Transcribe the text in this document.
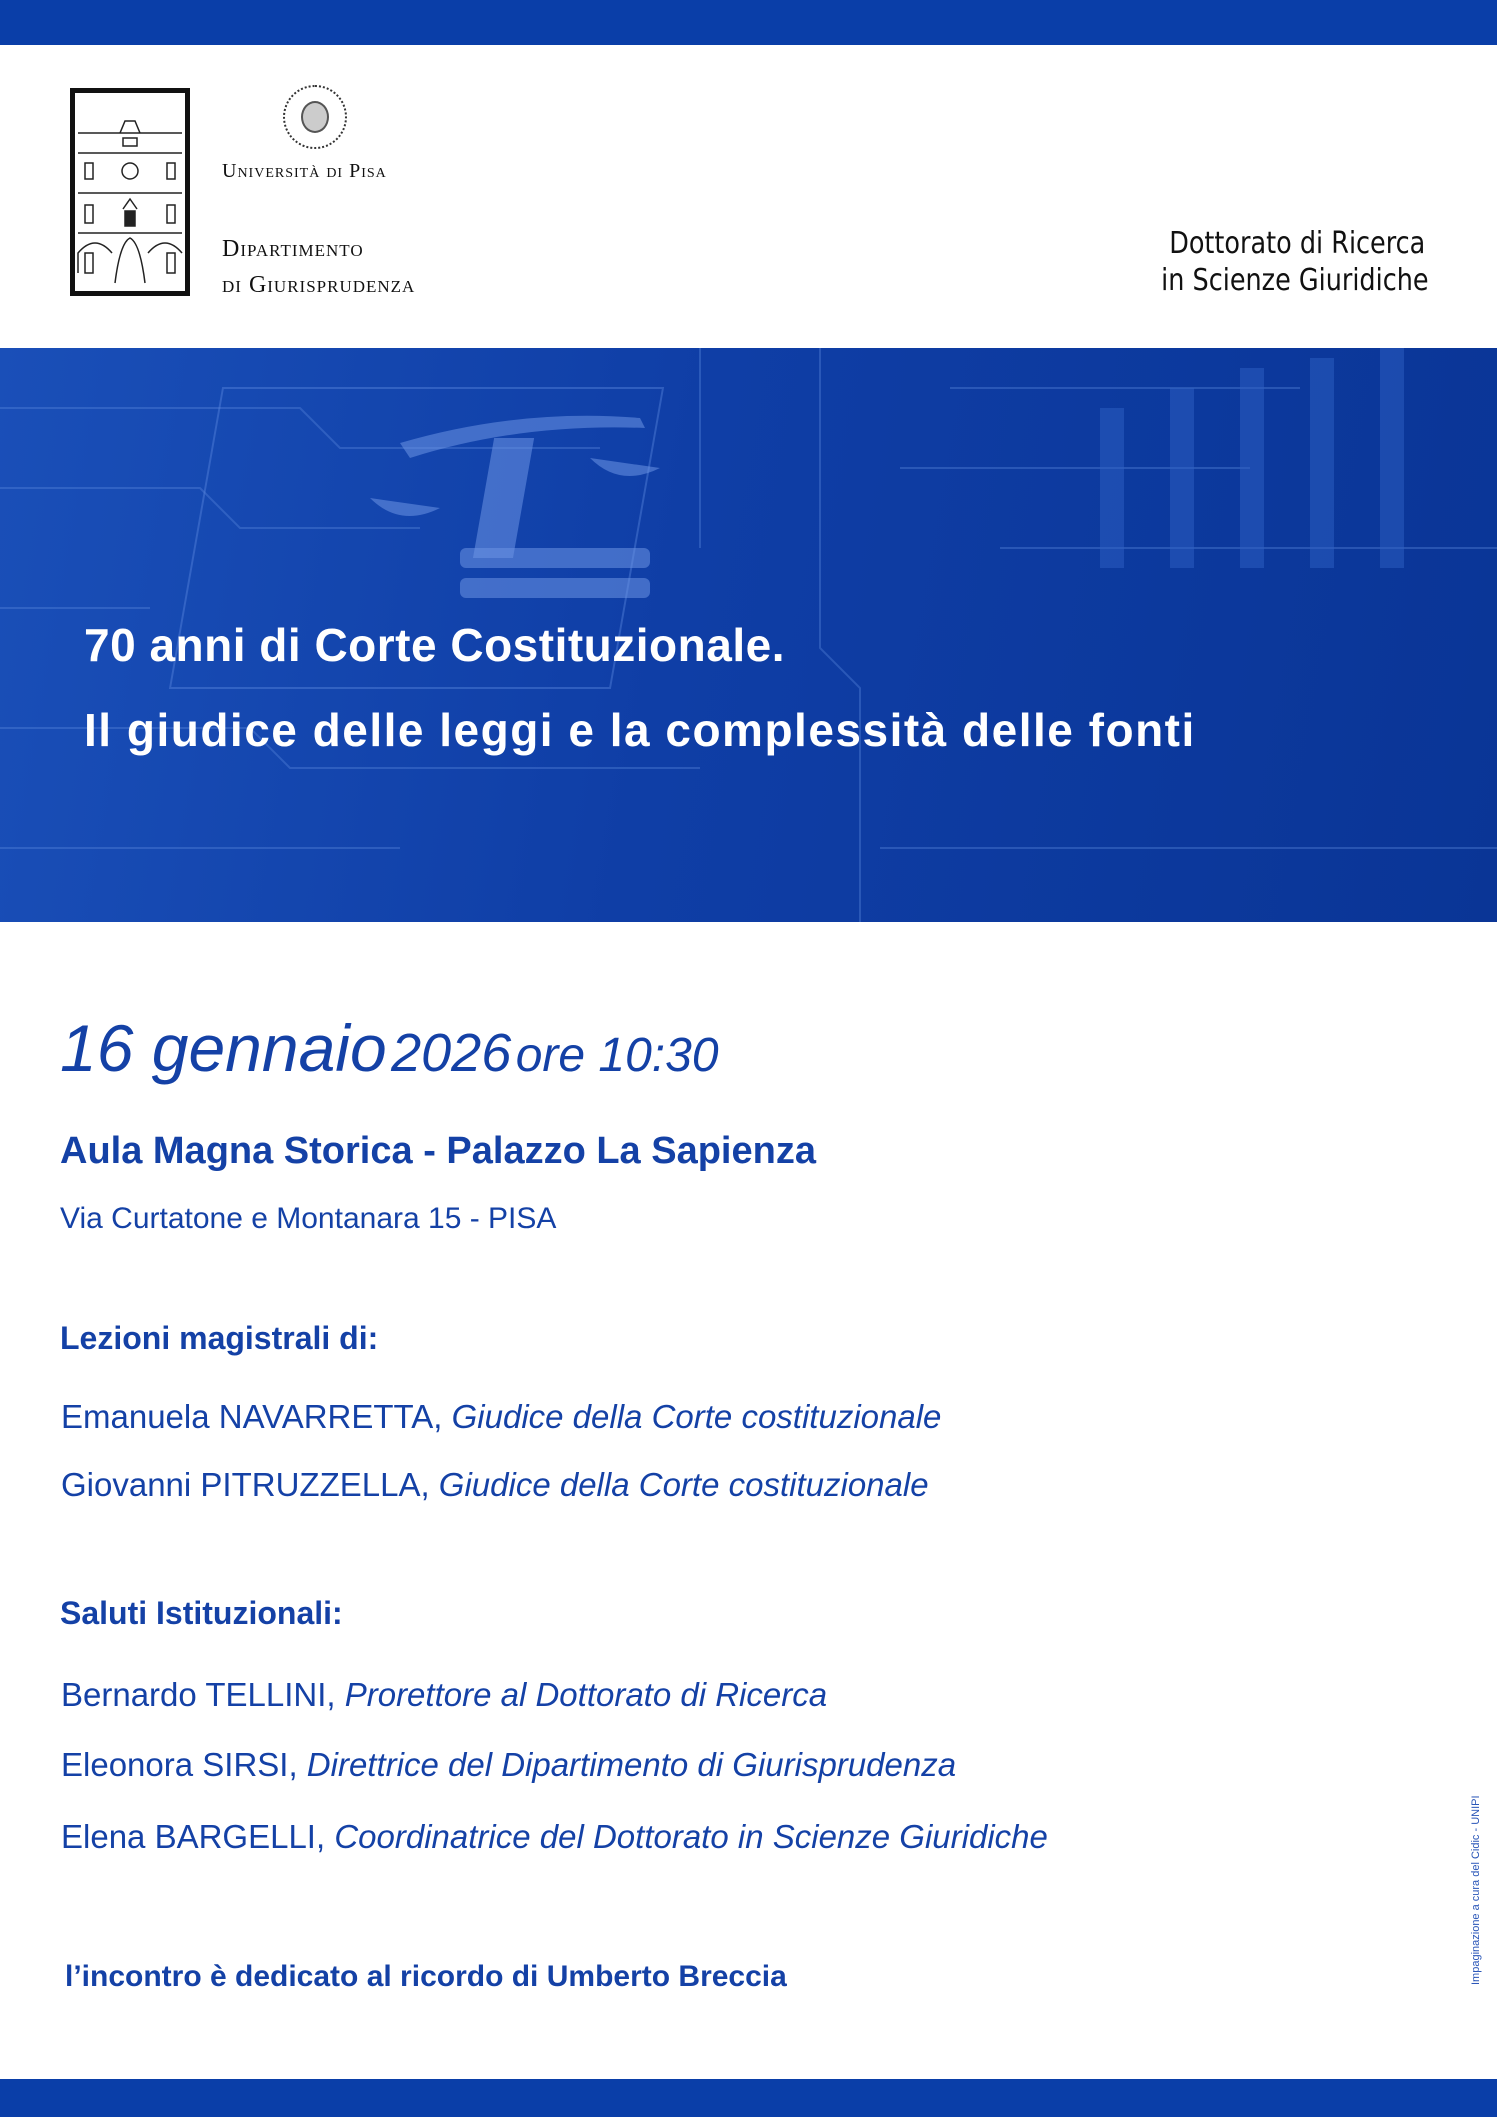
Università di Pisa
Dipartimento
di Giurisprudenza
Dottorato di Ricerca
in Scienze Giuridiche
70 anni di Corte Costituzionale.
Il giudice delle leggi e la complessità delle fonti
16 gennaio 2026 ore 10:30
Aula Magna Storica - Palazzo La Sapienza
Via Curtatone e Montanara 15 - PISA
Lezioni magistrali di:
Emanuela NAVARRETTA, Giudice della Corte costituzionale
Giovanni PITRUZZELLA, Giudice della Corte costituzionale
Saluti Istituzionali:
Bernardo TELLINI, Prorettore al Dottorato di Ricerca
Eleonora SIRSI, Direttrice del Dipartimento di Giurisprudenza
Elena BARGELLI, Coordinatrice del Dottorato in Scienze Giuridiche
l’incontro è dedicato al ricordo di Umberto Breccia	Impaginazione a cura del Cidic - UNIPI
